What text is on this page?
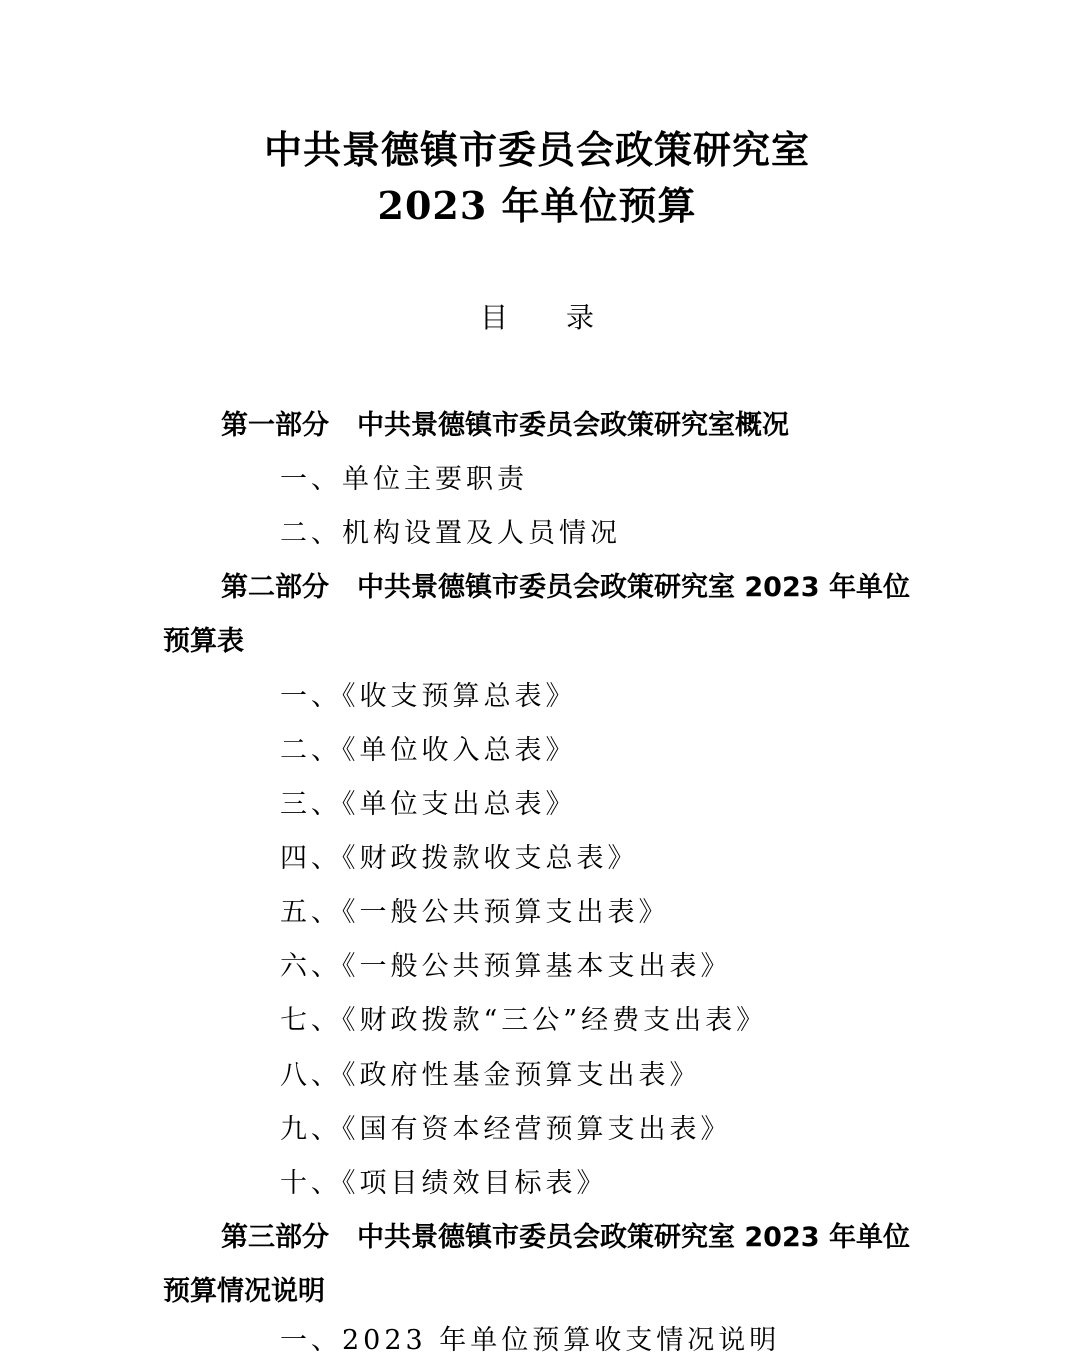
中共景德镇市委员会政策研究室
2023 年单位预算
目 录
第一部分 中共景德镇市委员会政策研究室概况
一、单位主要职责
二、机构设置及人员情况
第二部分 中共景德镇市委员会政策研究室 2023 年单位预算表
一、《收支预算总表》
二、《单位收入总表》
三、《单位支出总表》
四、《财政拨款收支总表》
五、《一般公共预算支出表》
六、《一般公共预算基本支出表》
七、《财政拨款“三公”经费支出表》
八、《政府性基金预算支出表》
九、《国有资本经营预算支出表》
十、《项目绩效目标表》
第三部分 中共景德镇市委员会政策研究室 2023 年单位预算情况说明
一、2023 年单位预算收支情况说明
